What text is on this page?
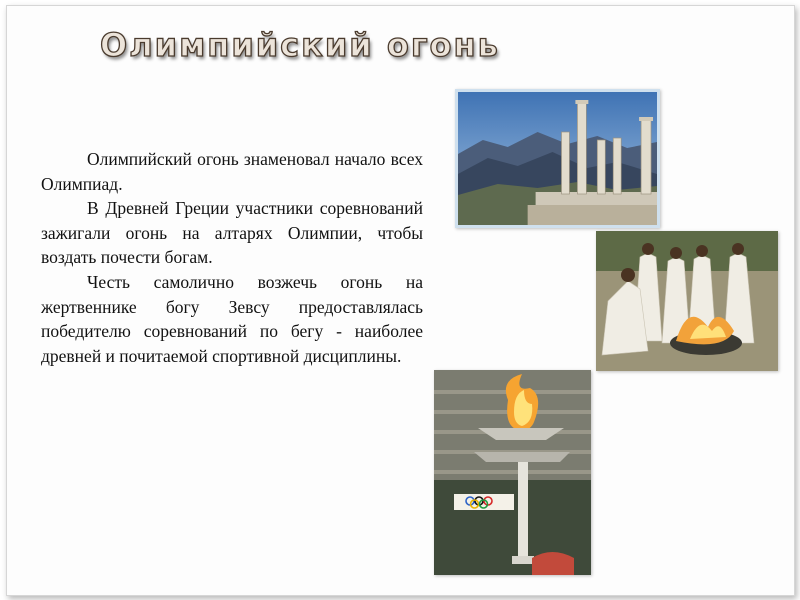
Олимпийский огонь

Олимпийский огонь знаменовал начало всех Олимпиад.

В Древней Греции участники соревнований зажигали огонь на алтарях Олимпии, чтобы воздать почести богам.

Честь самолично возжечь огонь на жертвеннике богу Зевсу предоставлялась победителю соревнований по бегу - наиболее древней и почитаемой спортивной дисциплины.
